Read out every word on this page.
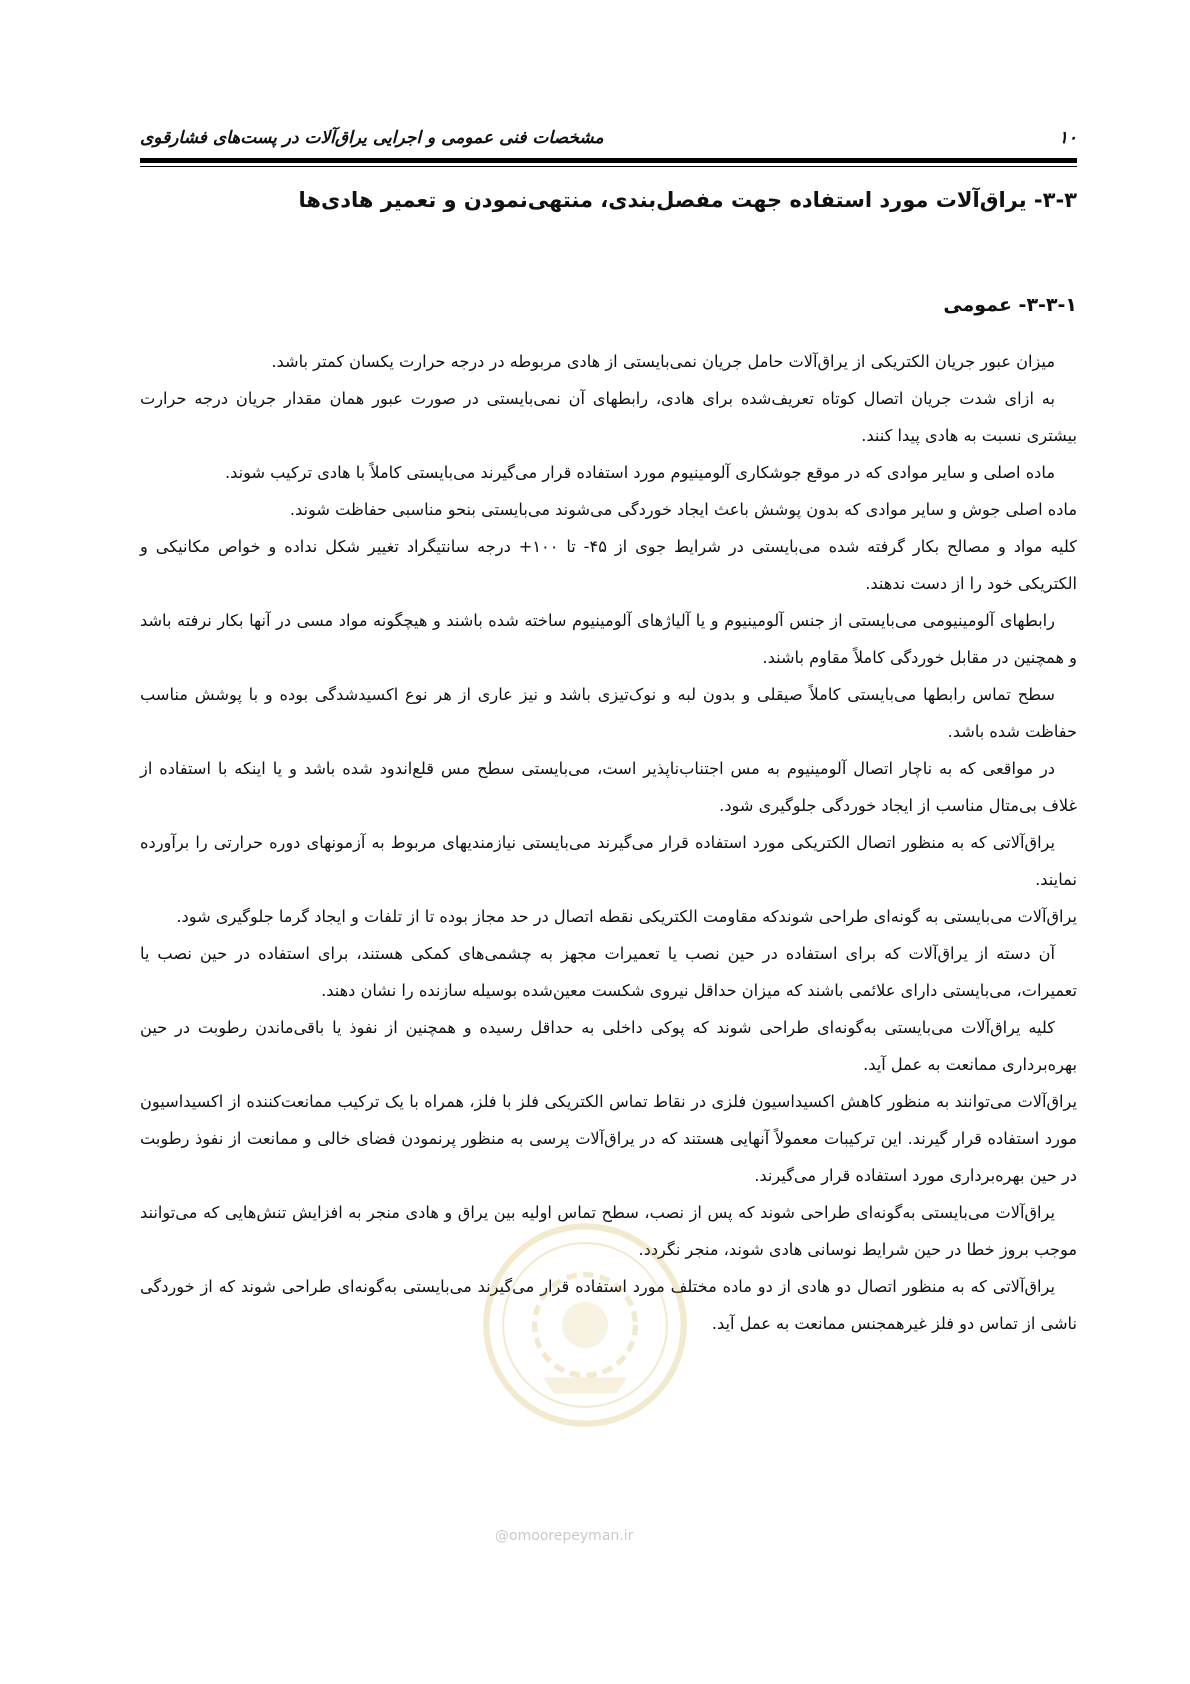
۱۰
مشخصات فنی عمومی و اجرایی یراق‌آلات در پست‌های فشارقوی
۳-۳- یراق‌آلات مورد استفاده جهت مفصل‌بندی، منتهی‌نمودن و تعمیر هادی‌ها
۳-۳-۱- عمومی

میزان عبور جریان الکتریکی از یراق‌آلات حامل جریان نمی‌بایستی از هادی مربوطه در درجه حرارت یکسان کمتر باشد.

به ازای شدت جریان اتصال کوتاه تعریف‌شده برای هادی، رابطهای آن نمی‌بایستی در صورت عبور همان مقدار جریان درجه حرارت بیشتری نسبت به هادی پیدا کنند.

ماده اصلی و سایر موادی که در موقع جوشکاری آلومینیوم مورد استفاده قرار می‌گیرند می‌بایستی کاملاً با هادی ترکیب شوند.

ماده اصلی جوش و سایر موادی که بدون پوشش باعث ایجاد خوردگی می‌شوند می‌بایستی بنحو مناسبی حفاظت شوند.

کلیه مواد و مصالح بکار گرفته شده می‌بایستی در شرایط جوی از ۴۵- تا ۱۰۰+ درجه سانتیگراد تغییر شکل نداده و خواص مکانیکی و الکتریکی خود را از دست ندهند.

رابطهای آلومینیومی می‌بایستی از جنس آلومینیوم و یا آلیاژهای آلومینیوم ساخته شده باشند و هیچگونه مواد مسی در آنها بکار نرفته باشد و همچنین در مقابل خوردگی کاملاً مقاوم باشند.

سطح تماس رابطها می‌بایستی کاملاً صیقلی و بدون لبه و نوک‌تیزی باشد و نیز عاری از هر نوع اکسیدشدگی بوده و با پوشش مناسب حفاظت شده باشد.

در مواقعی که به ناچار اتصال آلومینیوم به مس اجتناب‌ناپذیر است، می‌بایستی سطح مس قلع‌اندود شده باشد و یا اینکه با استفاده از غلاف بی‌متال مناسب از ایجاد خوردگی جلوگیری شود.

یراق‌آلاتی که به منظور اتصال الکتریکی مورد استفاده قرار می‌گیرند می‌بایستی نیازمندیهای مربوط به آزمونهای دوره حرارتی را برآورده نمایند.

یراق‌آلات می‌بایستی به گونه‌ای طراحی شوندکه مقاومت الکتریکی نقطه اتصال در حد مجاز بوده تا از تلفات و ایجاد گرما جلوگیری شود.

آن دسته از یراق‌آلات که برای استفاده در حین نصب یا تعمیرات مجهز به چشمی‌های کمکی هستند، برای استفاده در حین نصب یا تعمیرات، می‌بایستی دارای علائمی باشند که میزان حداقل نیروی شکست معین‌شده بوسیله سازنده را نشان دهند.

کلیه یراق‌آلات می‌بایستی به‌گونه‌ای طراحی شوند که پوکی داخلی به حداقل رسیده و همچنین از نفوذ یا باقی‌ماندن رطوبت در حین بهره‌برداری ممانعت به عمل آید.

یراق‌آلات می‌توانند به منظور کاهش اکسیداسیون فلزی در نقاط تماس الکتریکی فلز با فلز، همراه با یک ترکیب ممانعت‌کننده از اکسیداسیون مورد استفاده قرار گیرند. این ترکیبات معمولاً آنهایی هستند که در یراق‌آلات پرسی به منظور پرنمودن فضای خالی و ممانعت از نفوذ رطوبت در حین بهره‌برداری مورد استفاده قرار می‌گیرند.

یراق‌آلات می‌بایستی به‌گونه‌ای طراحی شوند که پس از نصب، سطح تماس اولیه بین یراق و هادی منجر به افزایش تنش‌هایی که می‌توانند موجب بروز خطا در حین شرایط نوسانی هادی شوند، منجر نگردد.

یراق‌آلاتی که به منظور اتصال دو هادی از دو ماده مختلف مورد استفاده قرار می‌گیرند می‌بایستی به‌گونه‌ای طراحی شوند که از خوردگی ناشی از تماس دو فلز غیرهمجنس ممانعت به عمل آید.

@omoorepeyman.ir
